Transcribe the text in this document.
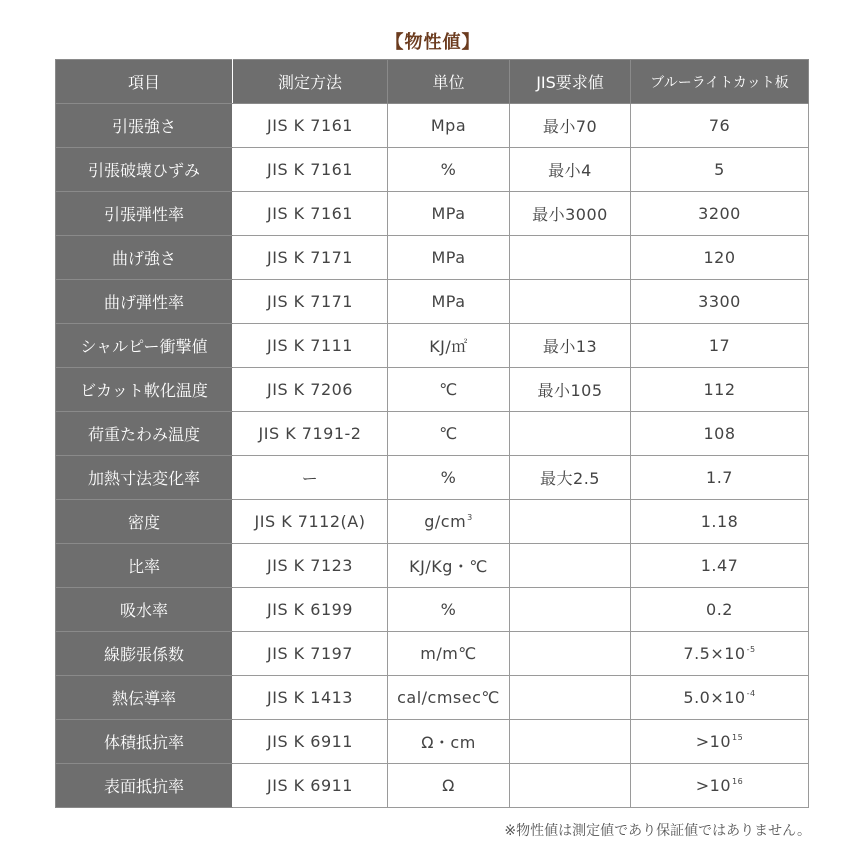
【物性値】
項目	測定方法	単位	JIS要求値	ブルーライトカット板
引張強さ	JIS K 7161	Mpa	最小70	76
引張破壊ひずみ	JIS K 7161	%	最小4	5
引張弾性率	JIS K 7161	MPa	最小3000	3200
曲げ強さ	JIS K 7171	MPa		120
曲げ弾性率	JIS K 7171	MPa		3300
シャルピー衝撃値	JIS K 7111	KJ/㎡	最小13	17
ビカット軟化温度	JIS K 7206	℃	最小105	112
荷重たわみ温度	JIS K 7191-2	℃		108
加熱寸法変化率	ー	%	最大2.5	1.7
密度	JIS K 7112(A)	$g/cm^3$		1.18
比率	JIS K 7123	KJ/Kg・℃		1.47
吸水率	JIS K 6199	%		0.2
線膨張係数	JIS K 7197	m/m℃		$7.5\times 10^{-5}$
熱伝導率	JIS K 1413	cal/cmsec℃		$5.0\times 10^{-4}$
体積抵抗率	JIS K 6911	Ω・cm		$>10^{15}$
表面抵抗率	JIS K 6911	Ω		$>10^{16}$
※物性値は測定値であり保証値ではありません。
